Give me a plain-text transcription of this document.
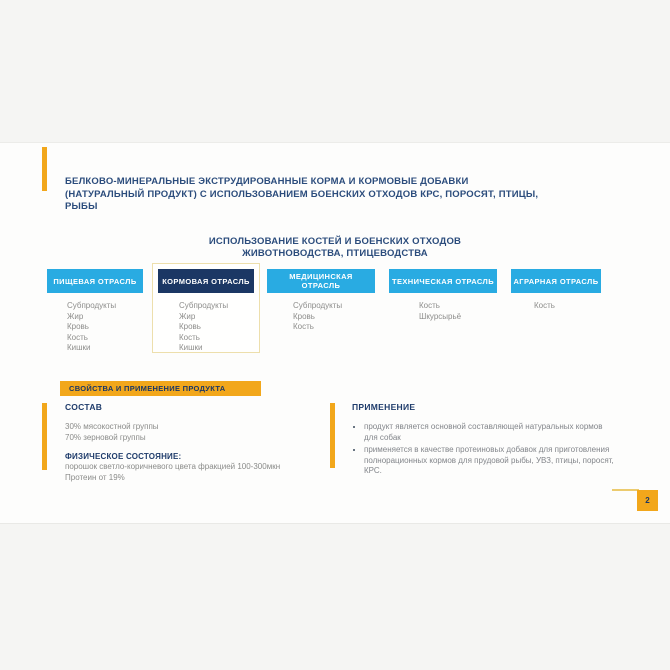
БЕЛКОВО-МИНЕРАЛЬНЫЕ ЭКСТРУДИРОВАННЫЕ КОРМА И КОРМОВЫЕ ДОБАВКИ (НАТУРАЛЬНЫЙ ПРОДУКТ) С ИСПОЛЬЗОВАНИЕМ БОЕНСКИХ ОТХОДОВ КРС, ПОРОСЯТ, ПТИЦЫ, РЫБЫ
ИСПОЛЬЗОВАНИЕ КОСТЕЙ И БОЕНСКИХ ОТХОДОВ ЖИВОТНОВОДСТВА, ПТИЦЕВОДСТВА
ПИЩЕВАЯ ОТРАСЛЬ
Субпродукты
Жир
Кровь
Кость
Кишки
КОРМОВАЯ ОТРАСЛЬ
Субпродукты
Жир
Кровь
Кость
Кишки
МЕДИЦИНСКАЯ ОТРАСЛЬ
Субпродукты
Кровь
Кость
ТЕХНИЧЕСКАЯ ОТРАСЛЬ
Кость
Шкурсырьё
АГРАРНАЯ ОТРАСЛЬ
Кость
СВОЙСТВА И ПРИМЕНЕНИЕ ПРОДУКТА
СОСТАВ
30% мясокостной группы
70% зерновой группы
ФИЗИЧЕСКОЕ СОСТОЯНИЕ:
порошок светло-коричневого цвета фракцией 100-300мкн
Протеин от 19%
ПРИМЕНЕНИЕ
• продукт является основной составляющей натуральных кормов для собак
• применяется в качестве протеиновых добавок для приготовления полнорационных кормов для прудовой рыбы, УВЗ, птицы, поросят, КРС.
2
